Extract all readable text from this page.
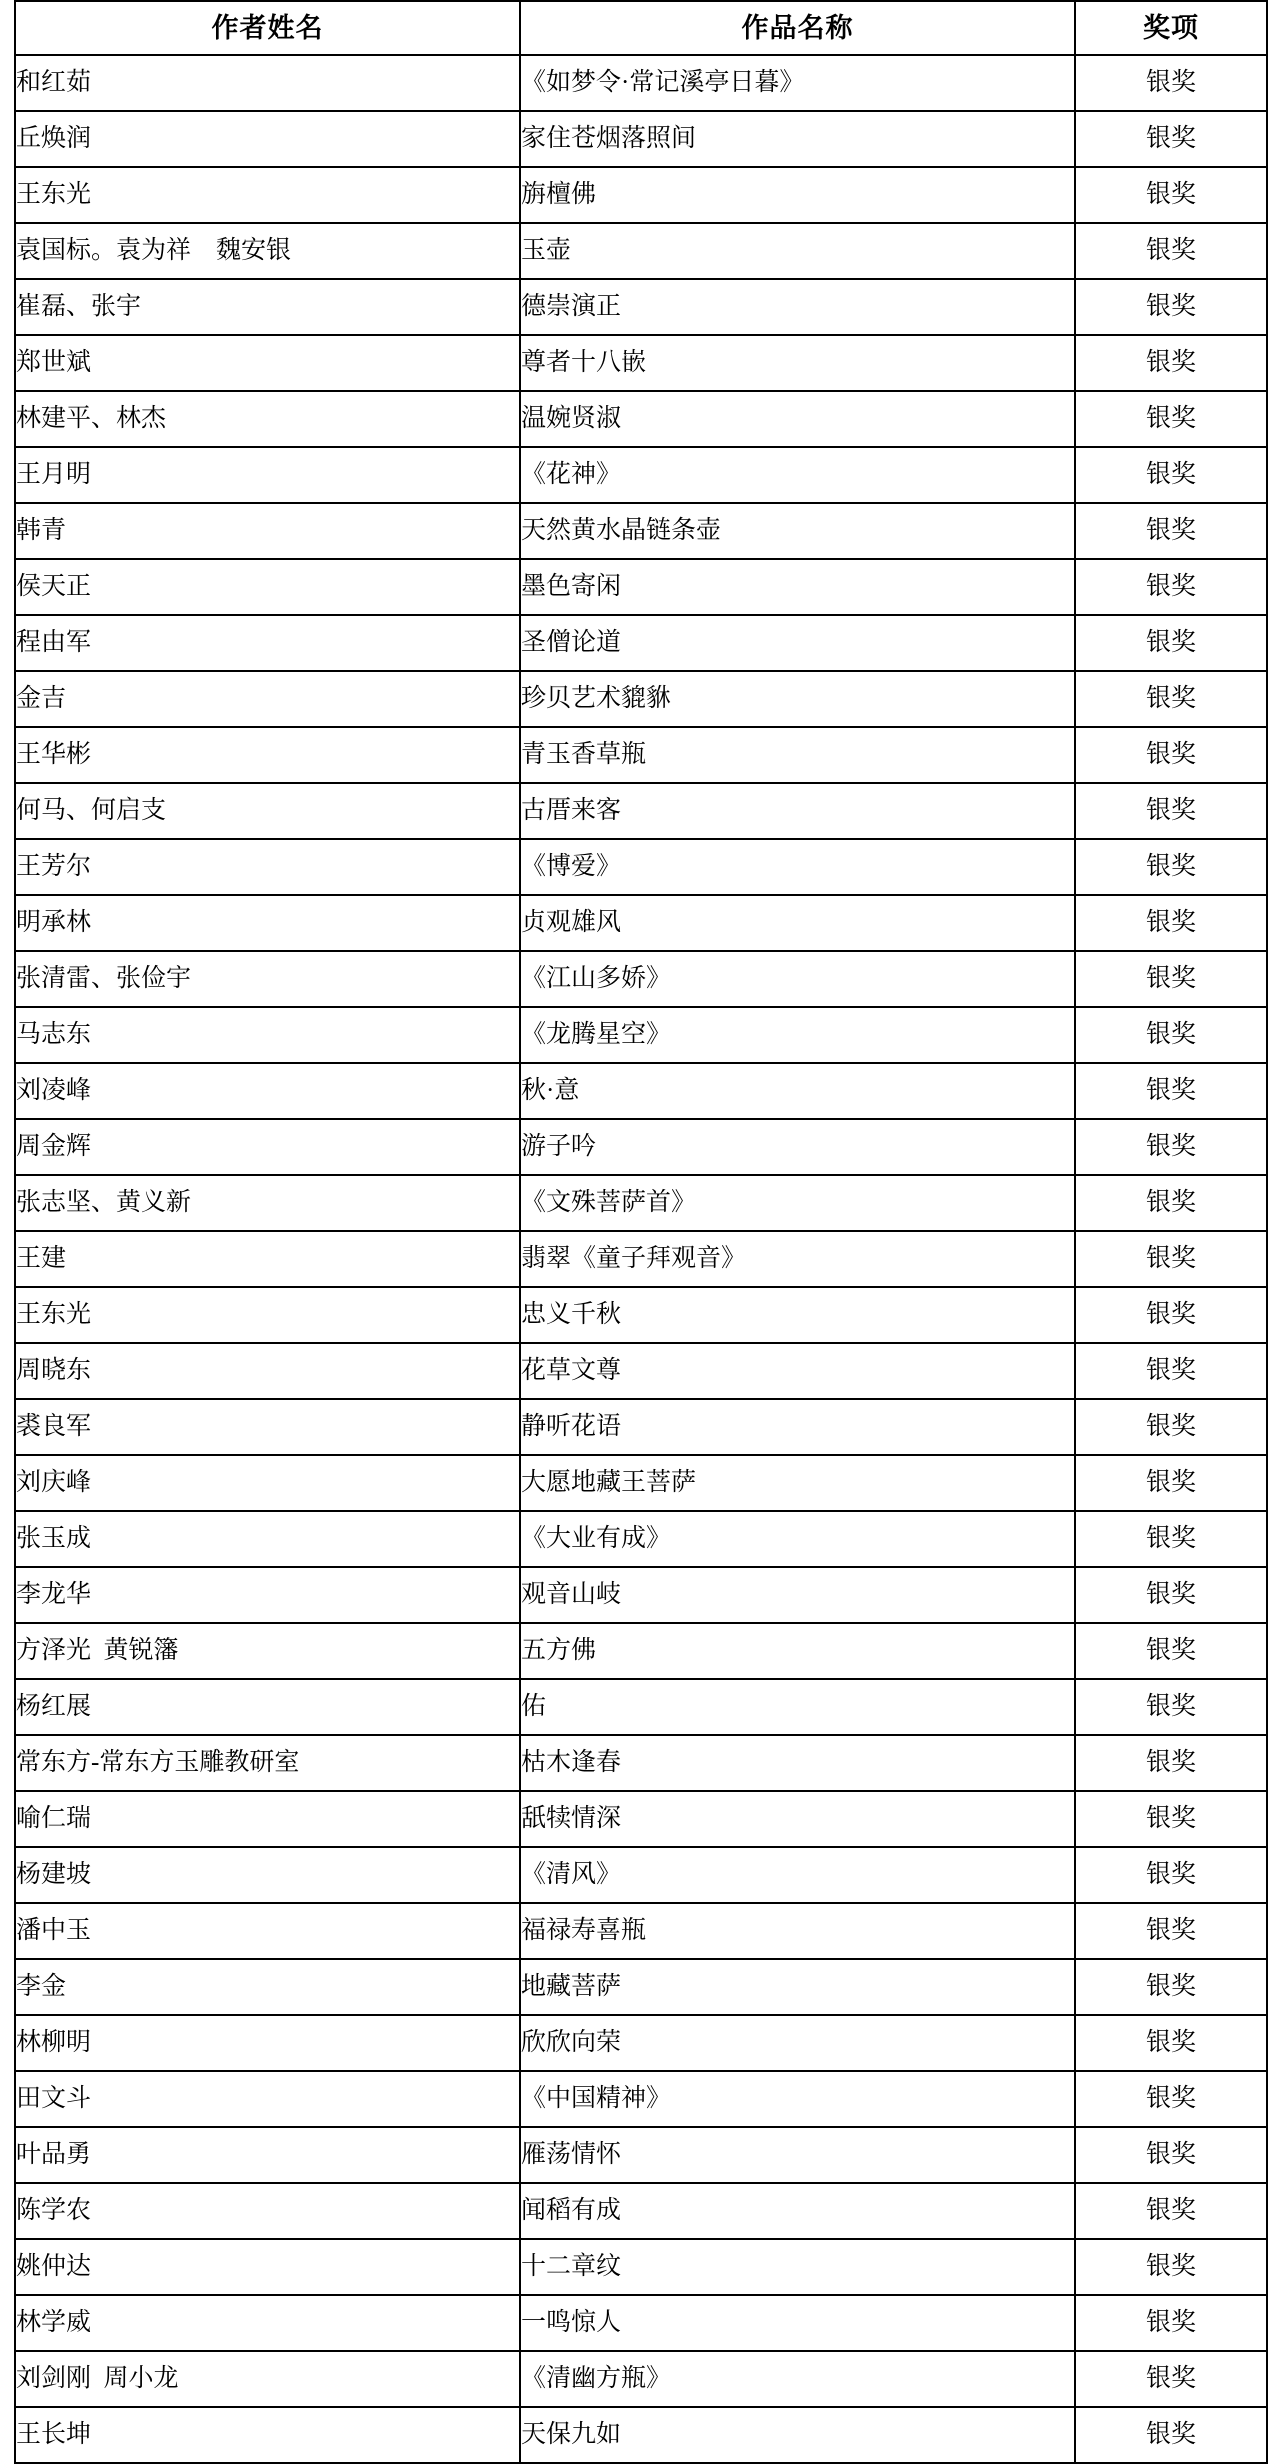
作者姓名	作品名称	奖项
和红茹	《如梦令·常记溪亭日暮》	银奖
丘焕润	家住苍烟落照间	银奖
王东光	旃檀佛	银奖
袁国标。袁为祥    魏安银	玉壶	银奖
崔磊、张宇	德崇演正	银奖
郑世斌	尊者十八嵌	银奖
林建平、林杰	温婉贤淑	银奖
王月明	《花神》	银奖
韩青	天然黄水晶链条壶	银奖
侯天正	墨色寄闲	银奖
程由军	圣僧论道	银奖
金吉	珍贝艺术貔貅	银奖
王华彬	青玉香草瓶	银奖
何马、何启支	古厝来客	银奖
王芳尔	《博爱》	银奖
明承林	贞观雄风	银奖
张清雷、张俭宇	《江山多娇》	银奖
马志东	《龙腾星空》	银奖
刘凌峰	秋·意	银奖
周金辉	游子吟	银奖
张志坚、黄义新	《文殊菩萨首》	银奖
王建	翡翠《童子拜观音》	银奖
王东光	忠义千秋	银奖
周晓东	花草文尊	银奖
裘良军	静听花语	银奖
刘庆峰	大愿地藏王菩萨	银奖
张玉成	《大业有成》	银奖
李龙华	观音山岐	银奖
方泽光  黄锐籓	五方佛	银奖
杨红展	佑	银奖
常东方-常东方玉雕教研室	枯木逢春	银奖
喻仁瑞	舐犊情深	银奖
杨建坡	《清风》	银奖
潘中玉	福禄寿喜瓶	银奖
李金	地藏菩萨	银奖
林柳明	欣欣向荣	银奖
田文斗	《中国精神》	银奖
叶品勇	雁荡情怀	银奖
陈学农	闻稻有成	银奖
姚仲达	十二章纹	银奖
林学威	一鸣惊人	银奖
刘剑刚  周小龙	《清幽方瓶》	银奖
王长坤	天保九如	银奖
